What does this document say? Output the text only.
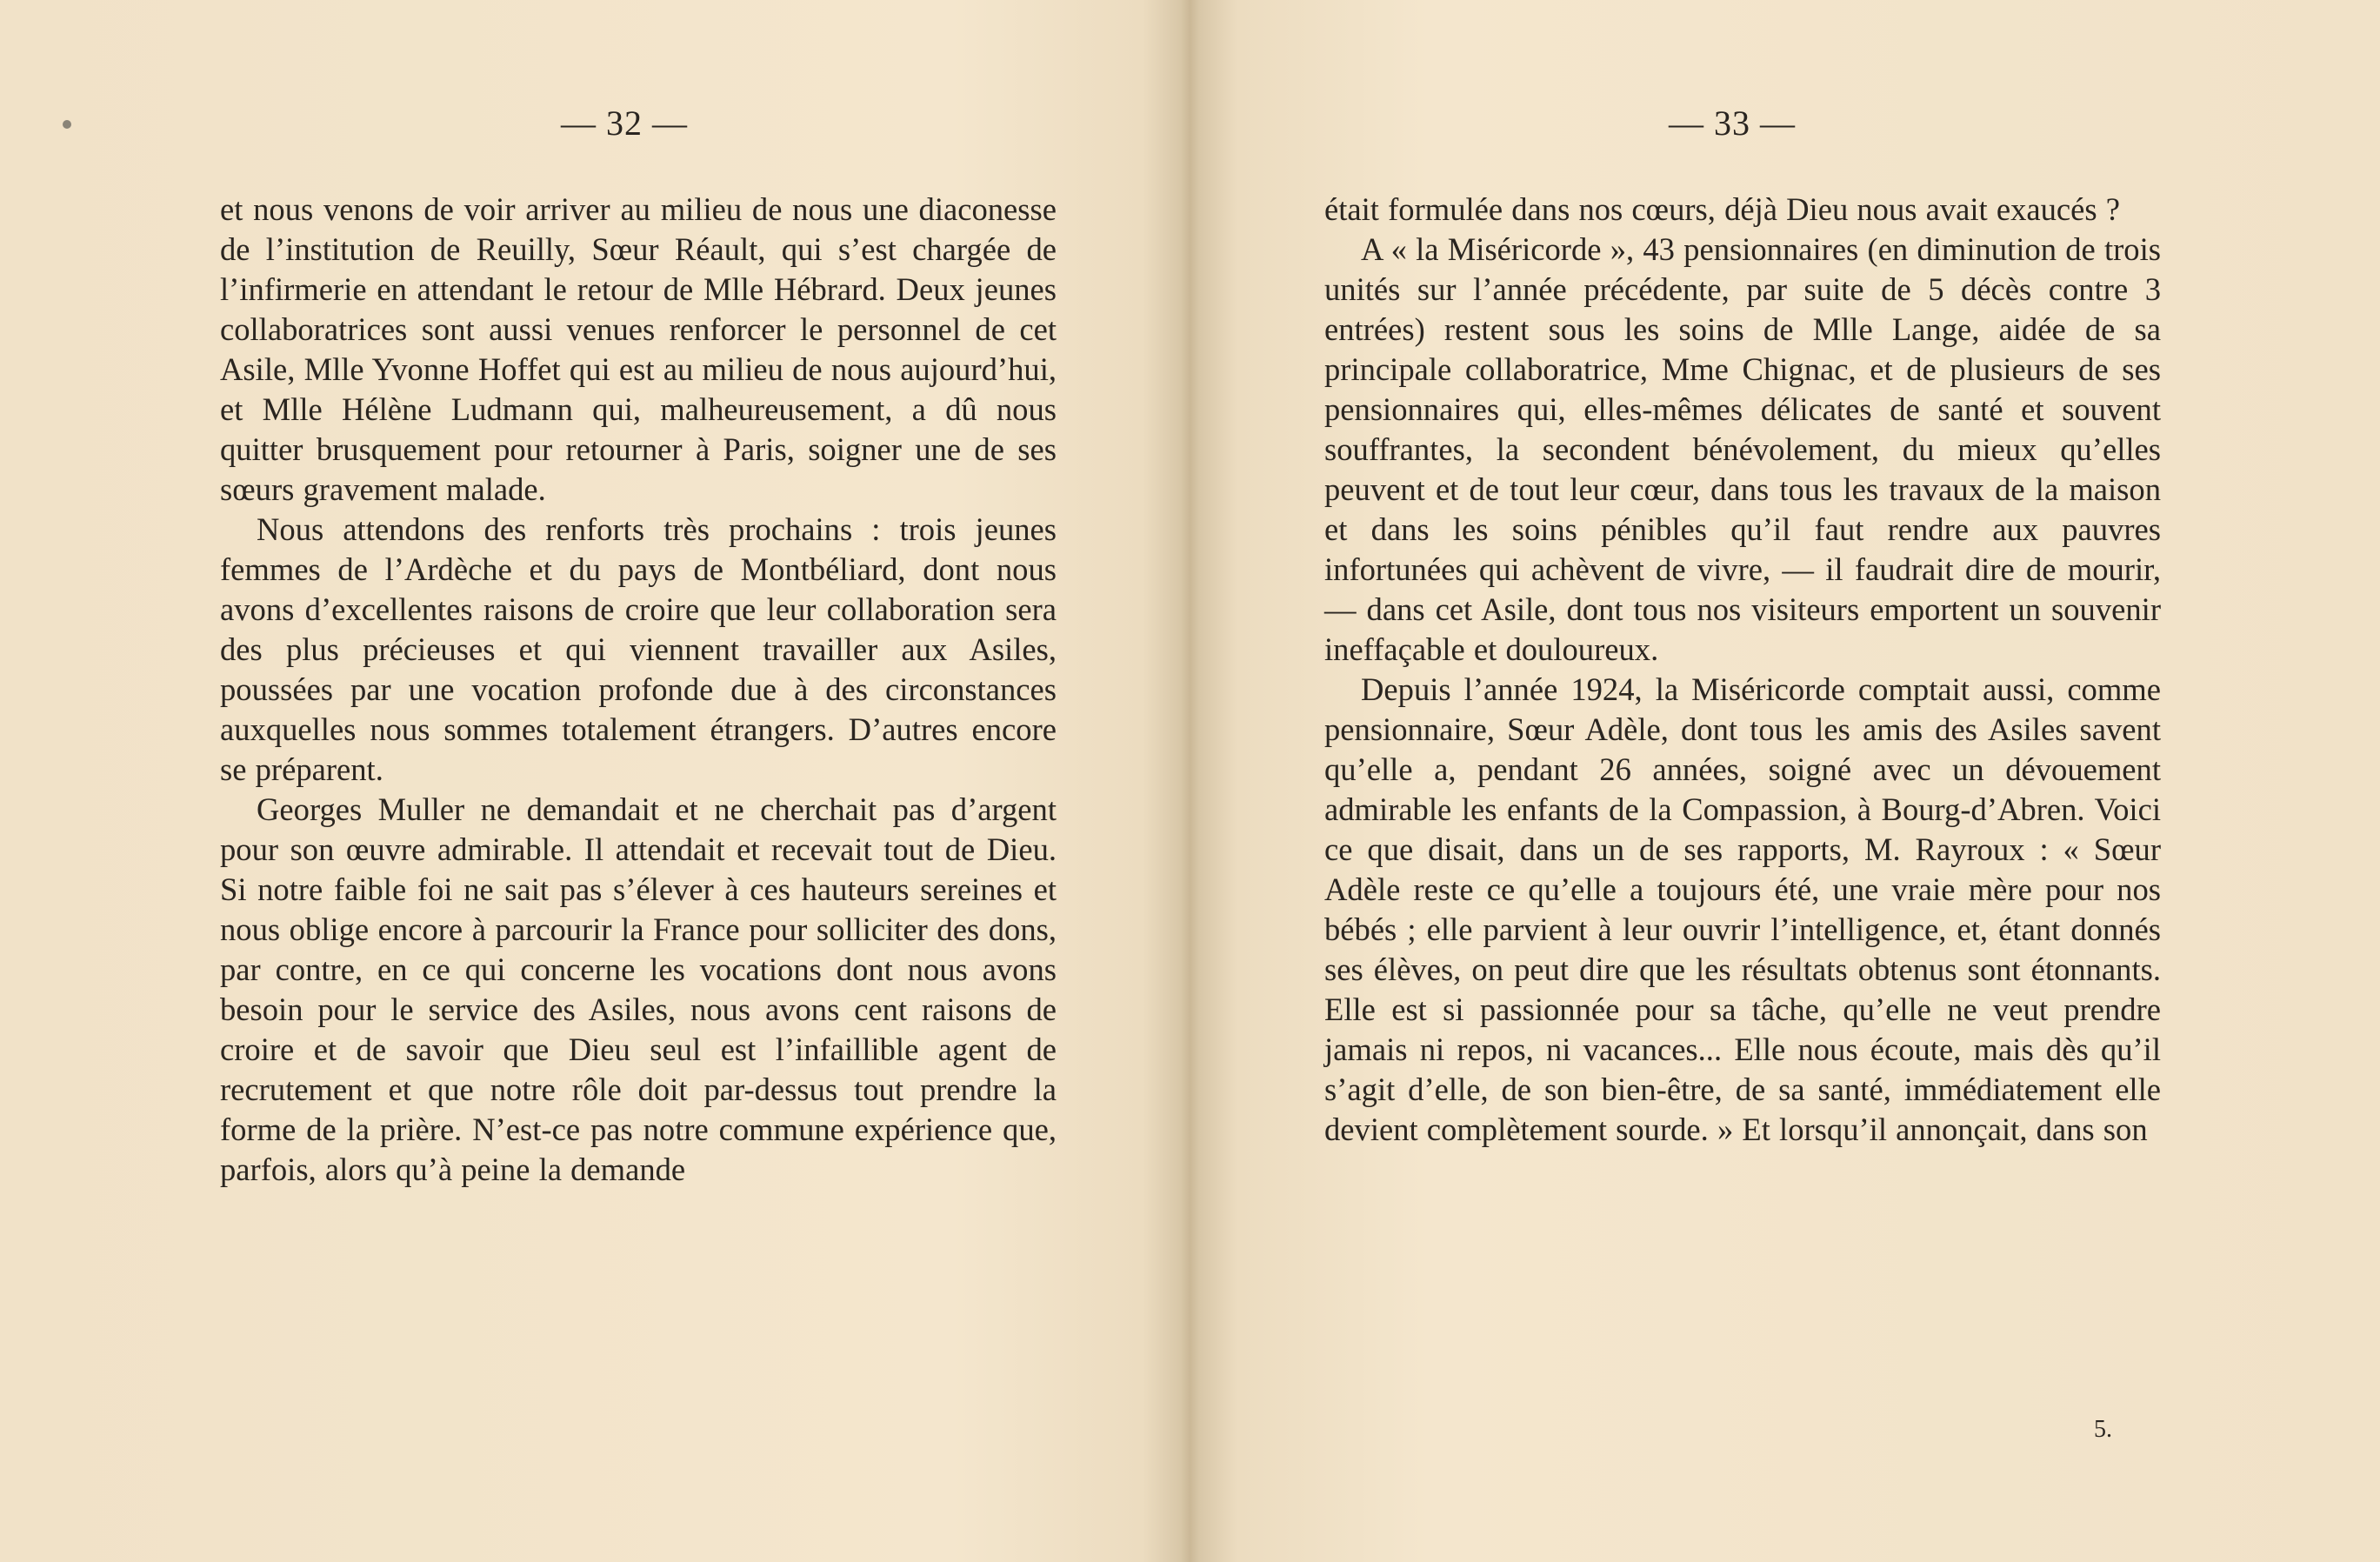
— 32 —

et nous venons de voir arriver au milieu de nous une diaconesse de l’institution de Reuilly, Sœur Réault, qui s’est chargée de l’infirmerie en attendant le retour de Mlle Hébrard. Deux jeunes collaboratrices sont aussi venues renforcer le personnel de cet Asile, Mlle Yvonne Hoffet qui est au milieu de nous aujourd’hui, et Mlle Hélène Ludmann qui, malheureusement, a dû nous quitter brusquement pour retourner à Paris, soigner une de ses sœurs gravement malade.

Nous attendons des renforts très prochains : trois jeunes femmes de l’Ardèche et du pays de Montbéliard, dont nous avons d’excellentes raisons de croire que leur collaboration sera des plus précieuses et qui viennent travailler aux Asiles, poussées par une vocation profonde due à des circonstances auxquelles nous sommes totalement étrangers. D’autres encore se préparent.

Georges Muller ne demandait et ne cherchait pas d’argent pour son œuvre admirable. Il attendait et recevait tout de Dieu. Si notre faible foi ne sait pas s’élever à ces hauteurs sereines et nous oblige encore à parcourir la France pour solliciter des dons, par contre, en ce qui concerne les vocations dont nous avons besoin pour le service des Asiles, nous avons cent raisons de croire et de savoir que Dieu seul est l’infaillible agent de recrutement et que notre rôle doit par-dessus tout prendre la forme de la prière. N’est-ce pas notre commune expérience que, parfois, alors qu’à peine la demande

— 33 —

était formulée dans nos cœurs, déjà Dieu nous avait exaucés ?

A « la Miséricorde », 43 pensionnaires (en diminution de trois unités sur l’année précédente, par suite de 5 décès contre 3 entrées) restent sous les soins de Mlle Lange, aidée de sa principale collaboratrice, Mme Chignac, et de plusieurs de ses pensionnaires qui, elles-mêmes délicates de santé et souvent souffrantes, la secondent bénévolement, du mieux qu’elles peuvent et de tout leur cœur, dans tous les travaux de la maison et dans les soins pénibles qu’il faut rendre aux pauvres infortunées qui achèvent de vivre, — il faudrait dire de mourir, — dans cet Asile, dont tous nos visiteurs emportent un souvenir ineffaçable et douloureux.

Depuis l’année 1924, la Miséricorde comptait aussi, comme pensionnaire, Sœur Adèle, dont tous les amis des Asiles savent qu’elle a, pendant 26 années, soigné avec un dévouement admirable les enfants de la Compassion, à Bourg-d’Abren. Voici ce que disait, dans un de ses rapports, M. Rayroux : « Sœur Adèle reste ce qu’elle a toujours été, une vraie mère pour nos bébés ; elle parvient à leur ouvrir l’intelligence, et, étant donnés ses élèves, on peut dire que les résultats obtenus sont étonnants. Elle est si passionnée pour sa tâche, qu’elle ne veut prendre jamais ni repos, ni vacances... Elle nous écoute, mais dès qu’il s’agit d’elle, de son bien-être, de sa santé, immédiatement elle devient complètement sourde. » Et lorsqu’il annonçait, dans son

5.
